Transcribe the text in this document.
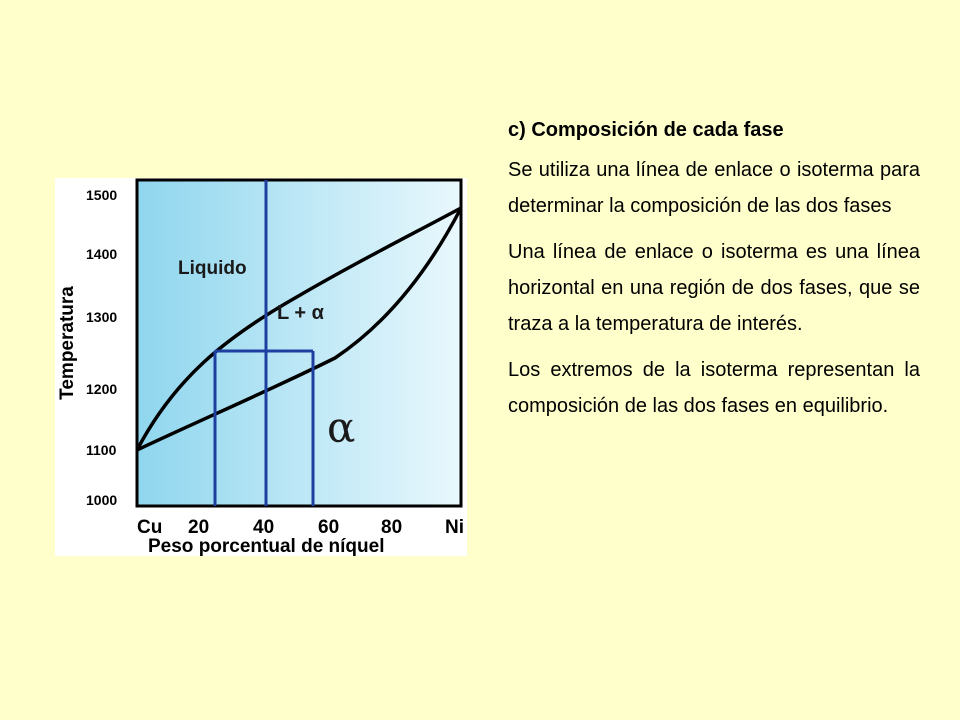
Liquido
L + α
α
1500
1400
1300
1200
1100
1000
Temperatura
Cu 20 40 60 80 Ni
Peso porcentual de níquel
c) Composición de cada fase

Se utiliza una línea de enlace o isoterma para determinar la composición de las dos fases

Una línea de enlace o isoterma es una línea horizontal en una región de dos fases, que se traza a la temperatura de interés.

Los extremos de la isoterma representan la composición de las dos fases en equilibrio.
